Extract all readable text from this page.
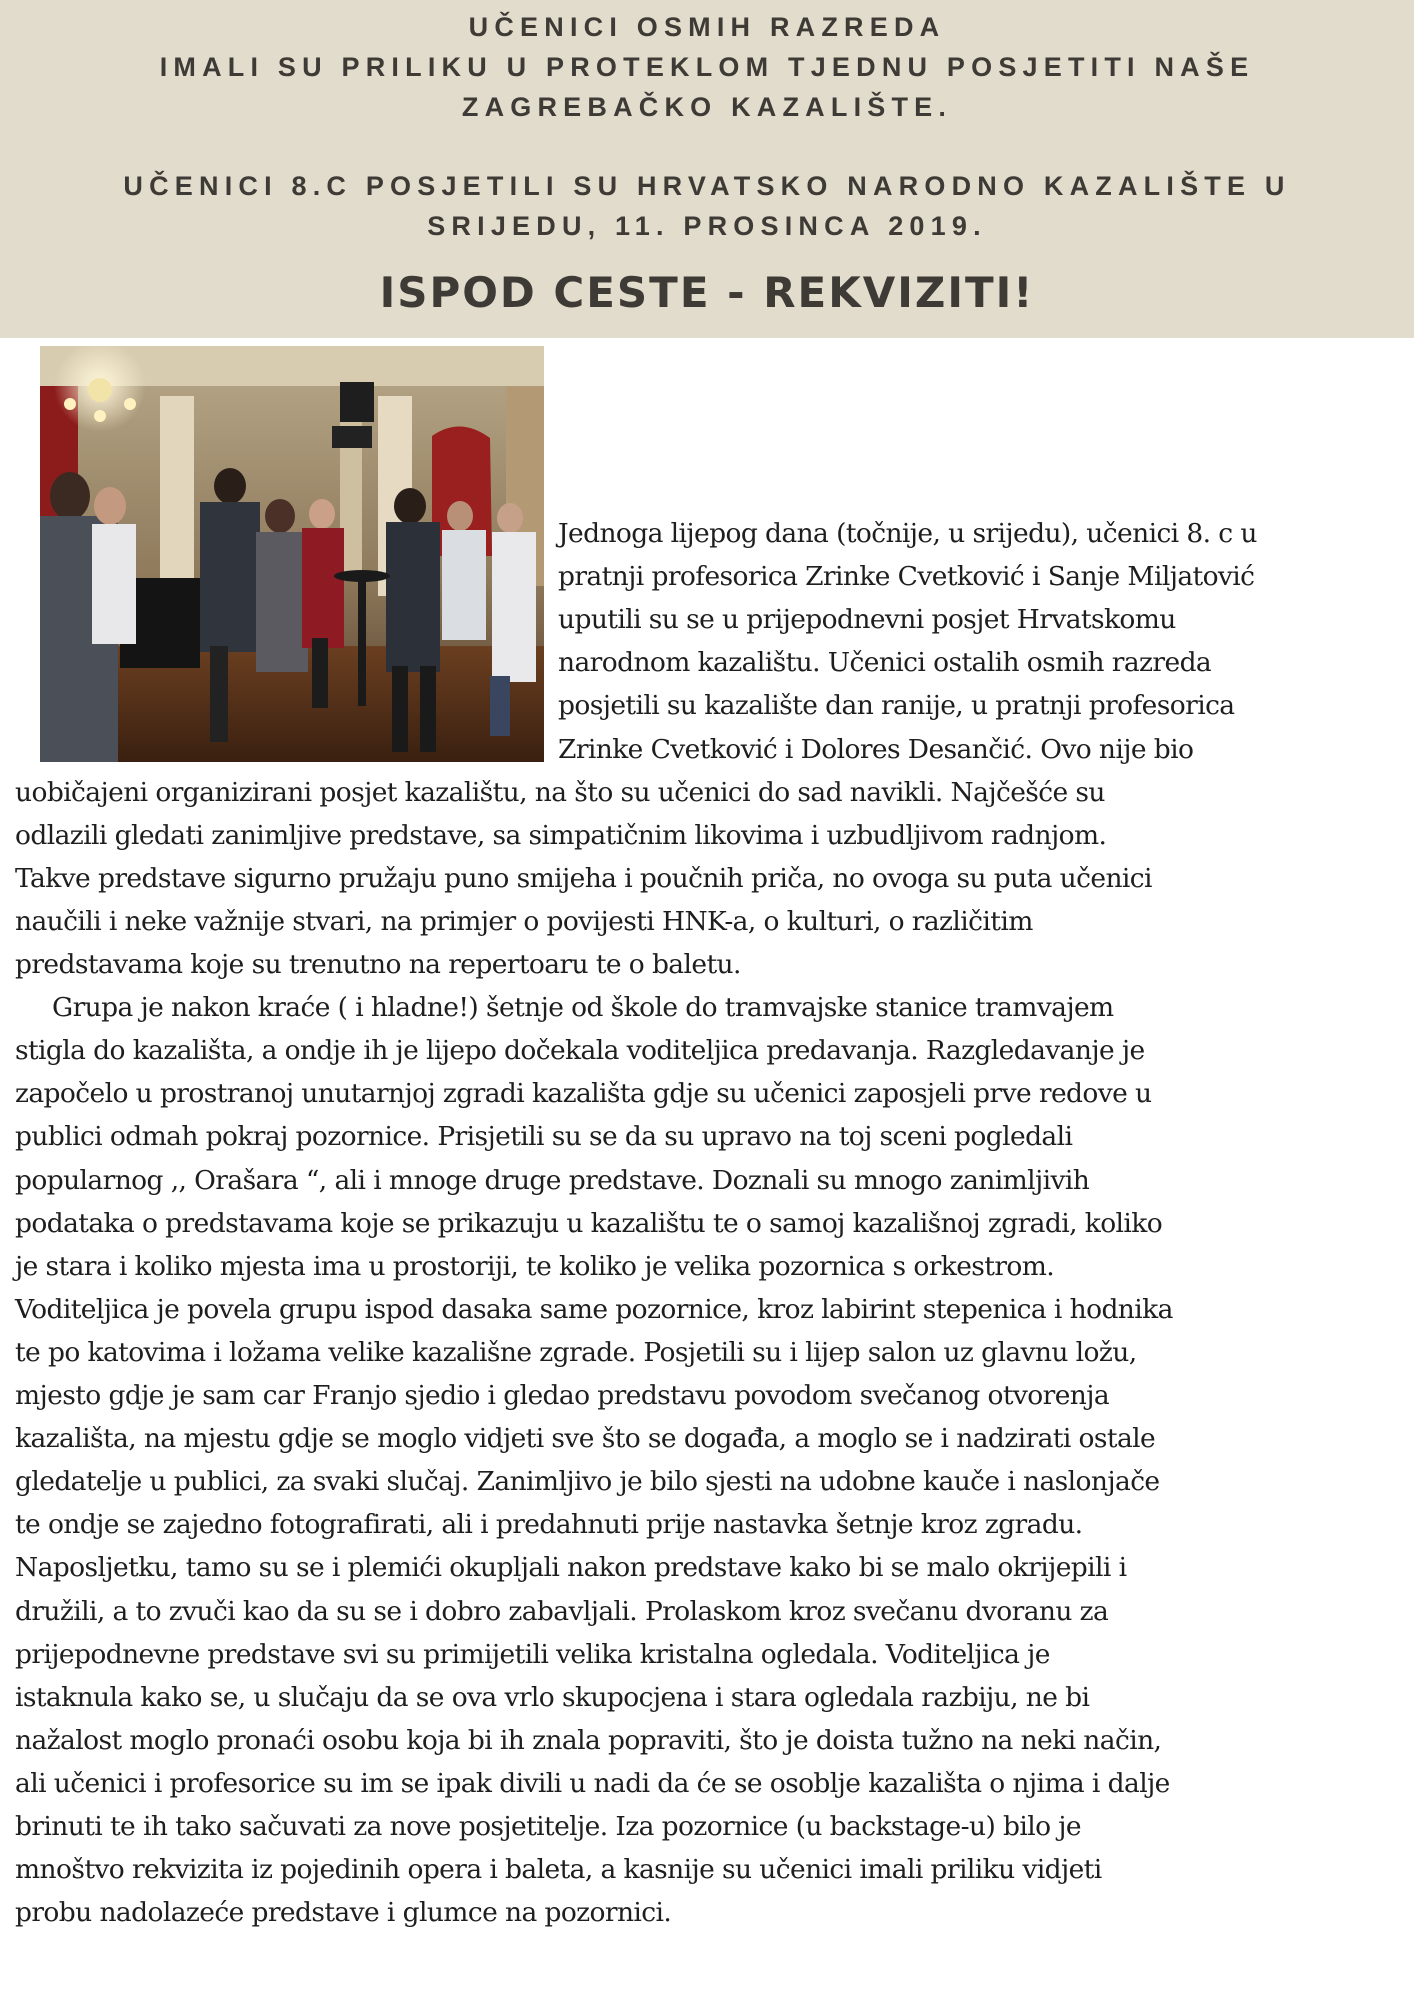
UČENICI OSMIH RAZREDA
IMALI SU PRILIKU U PROTEKLOM TJEDNU POSJETITI NAŠE
ZAGREBAČKO KAZALIŠTE.
UČENICI 8.C POSJETILI SU HRVATSKO NARODNO KAZALIŠTE U
SRIJEDU, 11. PROSINCA 2019.
ISPOD CESTE - REKVIZITI!
Jednoga lijepog dana (točnije, u srijedu), učenici 8. c u
pratnji profesorica Zrinke Cvetković i Sanje Miljatović
uputili su se u prijepodnevni posjet Hrvatskomu
narodnom kazalištu. Učenici ostalih osmih razreda
posjetili su kazalište dan ranije, u pratnji profesorica
Zrinke Cvetković i Dolores Desančić. Ovo nije bio
uobičajeni organizirani posjet kazalištu, na što su učenici do sad navikli. Najčešće su
odlazili gledati zanimljive predstave, sa simpatičnim likovima i uzbudljivom radnjom.
Takve predstave sigurno pružaju puno smijeha i poučnih priča, no ovoga su puta učenici
naučili i neke važnije stvari, na primjer o povijesti HNK-a, o kulturi, o različitim
predstavama koje su trenutno na repertoaru te o baletu.
Grupa je nakon kraće ( i hladne!) šetnje od škole do tramvajske stanice tramvajem
stigla do kazališta, a ondje ih je lijepo dočekala voditeljica predavanja. Razgledavanje je
započelo u prostranoj unutarnjoj zgradi kazališta gdje su učenici zaposjeli prve redove u
publici odmah pokraj pozornice. Prisjetili su se da su upravo na toj sceni pogledali
popularnog ,, Orašara “, ali i mnoge druge predstave. Doznali su mnogo zanimljivih
podataka o predstavama koje se prikazuju u kazalištu te o samoj kazališnoj zgradi, koliko
je stara i koliko mjesta ima u prostoriji, te koliko je velika pozornica s orkestrom.
Voditeljica je povela grupu ispod dasaka same pozornice, kroz labirint stepenica i hodnika
te po katovima i ložama velike kazališne zgrade. Posjetili su i lijep salon uz glavnu ložu,
mjesto gdje je sam car Franjo sjedio i gledao predstavu povodom svečanog otvorenja
kazališta, na mjestu gdje se moglo vidjeti sve što se događa, a moglo se i nadzirati ostale
gledatelje u publici, za svaki slučaj. Zanimljivo je bilo sjesti na udobne kauče i naslonjače
te ondje se zajedno fotografirati, ali i predahnuti prije nastavka šetnje kroz zgradu.
Naposljetku, tamo su se i plemići okupljali nakon predstave kako bi se malo okrijepili i
družili, a to zvuči kao da su se i dobro zabavljali. Prolaskom kroz svečanu dvoranu za
prijepodnevne predstave svi su primijetili velika kristalna ogledala. Voditeljica je
istaknula kako se, u slučaju da se ova vrlo skupocjena i stara ogledala razbiju, ne bi
nažalost moglo pronaći osobu koja bi ih znala popraviti, što je doista tužno na neki način,
ali učenici i profesorice su im se ipak divili u nadi da će se osoblje kazališta o njima i dalje
brinuti te ih tako sačuvati za nove posjetitelje. Iza pozornice (u backstage-u) bilo je
mnoštvo rekvizita iz pojedinih opera i baleta, a kasnije su učenici imali priliku vidjeti
probu nadolazeće predstave i glumce na pozornici.
